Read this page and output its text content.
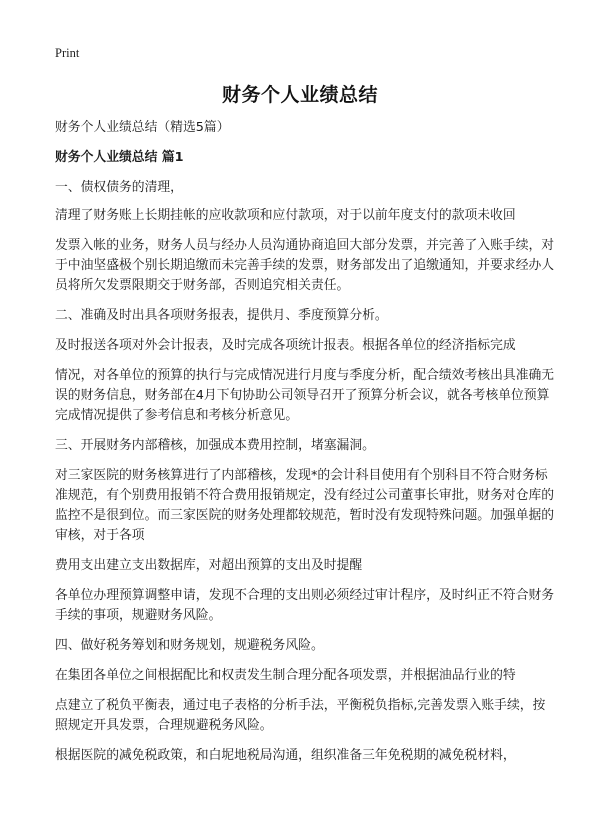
Print
财务个人业绩总结

财务个人业绩总结（精选5篇）

财务个人业绩总结 篇1

一、债权债务的清理，

清理了财务账上长期挂帐的应收款项和应付款项，对于以前年度支付的款项未收回

发票入帐的业务，财务人员与经办人员沟通协商追回大部分发票，并完善了入账手续，对于中油坚盛极个别长期追缴而未完善手续的发票，财务部发出了追缴通知，并要求经办人员将所欠发票限期交于财务部，否则追究相关责任。

二、准确及时出具各项财务报表，提供月、季度预算分析。

及时报送各项对外会计报表，及时完成各项统计报表。根据各单位的经济指标完成

情况，对各单位的预算的执行与完成情况进行月度与季度分析，配合绩效考核出具准确无误的财务信息，财务部在4月下旬协助公司领导召开了预算分析会议，就各考核单位预算完成情况提供了参考信息和考核分析意见。

三、开展财务内部稽核，加强成本费用控制，堵塞漏洞。

对三家医院的财务核算进行了内部稽核，发现*的会计科目使用有个别科目不符合财务标准规范，有个别费用报销不符合费用报销规定，没有经过公司董事长审批，财务对仓库的监控不是很到位。而三家医院的财务处理都较规范，暂时没有发现特殊问题。加强单据的审核，对于各项

费用支出建立支出数据库，对超出预算的支出及时提醒

各单位办理预算调整申请，发现不合理的支出则必须经过审计程序，及时纠正不符合财务手续的事项，规避财务风险。

四、做好税务筹划和财务规划，规避税务风险。

在集团各单位之间根据配比和权责发生制合理分配各项发票，并根据油品行业的特

点建立了税负平衡表，通过电子表格的分析手法，平衡税负指标,完善发票入账手续，按照规定开具发票，合理规避税务风险。

根据医院的减免税政策，和白坭地税局沟通，组织准备三年免税期的减免税材料，
